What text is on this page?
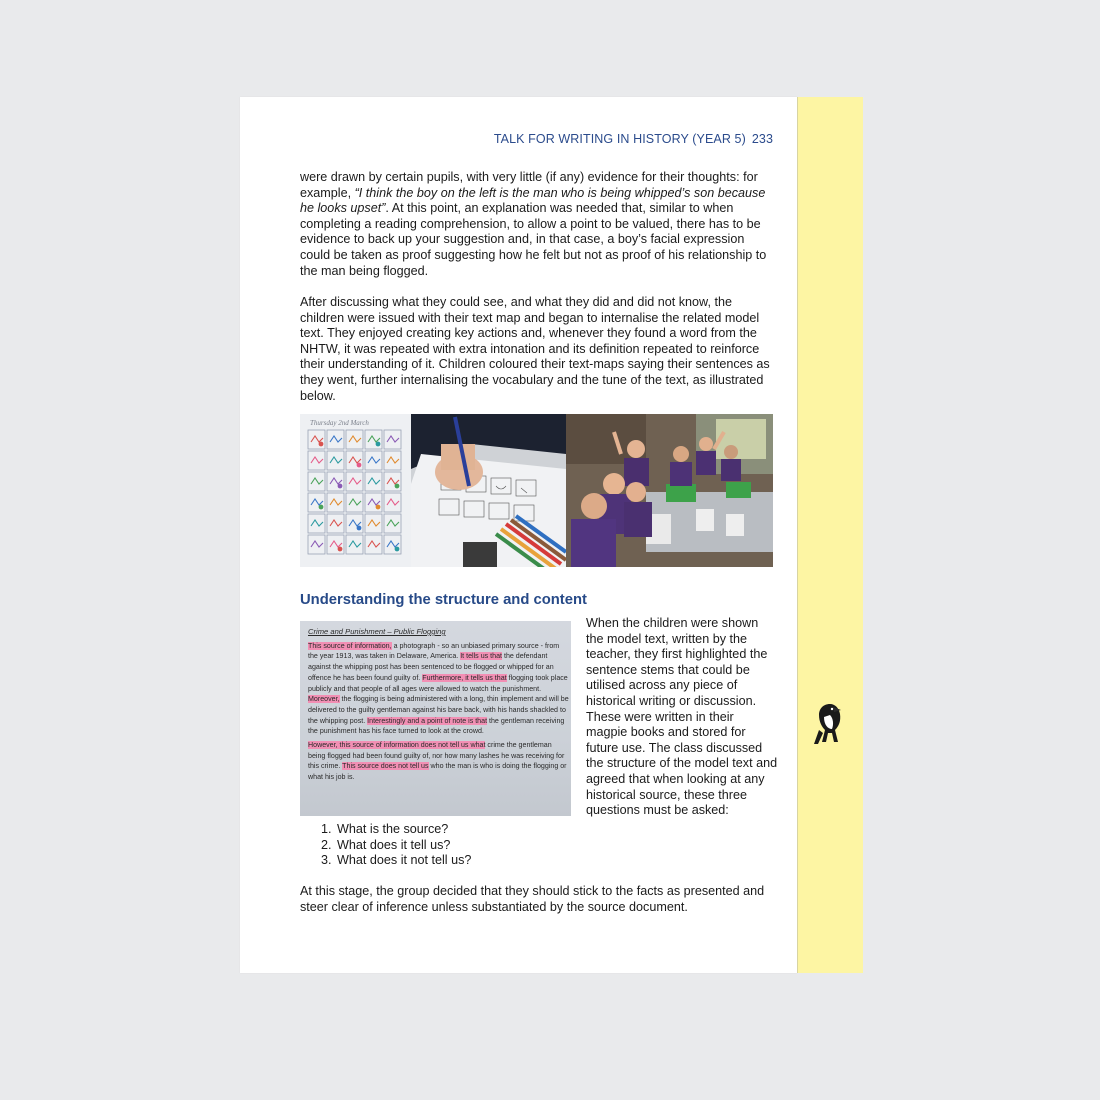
TALK FOR WRITING IN HISTORY (YEAR 5) 233

were drawn by certain pupils, with very little (if any) evidence for their thoughts: for example, “I think the boy on the left is the man who is being whipped’s son because he looks upset”. At this point, an explanation was needed that, similar to when completing a reading comprehension, to allow a point to be valued, there has to be evidence to back up your suggestion and, in that case, a boy’s facial expression could be taken as proof suggesting how he felt but not as proof of his relationship to the man being flogged.

After discussing what they could see, and what they did and did not know, the children were issued with their text map and began to internalise the related model text. They enjoyed creating key actions and, whenever they found a word from the NHTW, it was repeated with extra intonation and its definition repeated to reinforce their understanding of it. Children coloured their text-maps saying their sentences as they went, further internalising the vocabulary and the tune of the text, as illustrated below.

Thursday 2nd March
Understanding the structure and content
Crime and Punishment – Public Flogging

This source of information, a photograph - so an unbiased primary source - from the year 1913, was taken in Delaware, America. It tells us that the defendant against the whipping post has been sentenced to be flogged or whipped for an offence he has been found guilty of. Furthermore, it tells us that flogging took place publicly and that people of all ages were allowed to watch the punishment. Moreover, the flogging is being administered with a long, thin implement and will be delivered to the guilty gentleman against his bare back, with his hands shackled to the whipping post. Interestingly and a point of note is that the gentleman receiving the punishment has his face turned to look at the crowd.

However, this source of information does not tell us what crime the gentleman being flogged had been found guilty of, nor how many lashes he was receiving for this crime. This source does not tell us who the man is who is doing the flogging or what his job is.

When the children were shown the model text, written by the teacher, they first highlighted the sentence stems that could be utilised across any piece of historical writing or discussion. These were written in their magpie books and stored for future use. The class discussed the structure of the model text and agreed that when looking at any historical source, these three questions must be asked:
1. What is the source?
2. What does it tell us?
3. What does it not tell us?

At this stage, the group decided that they should stick to the facts as presented and steer clear of inference unless substantiated by the source document.
